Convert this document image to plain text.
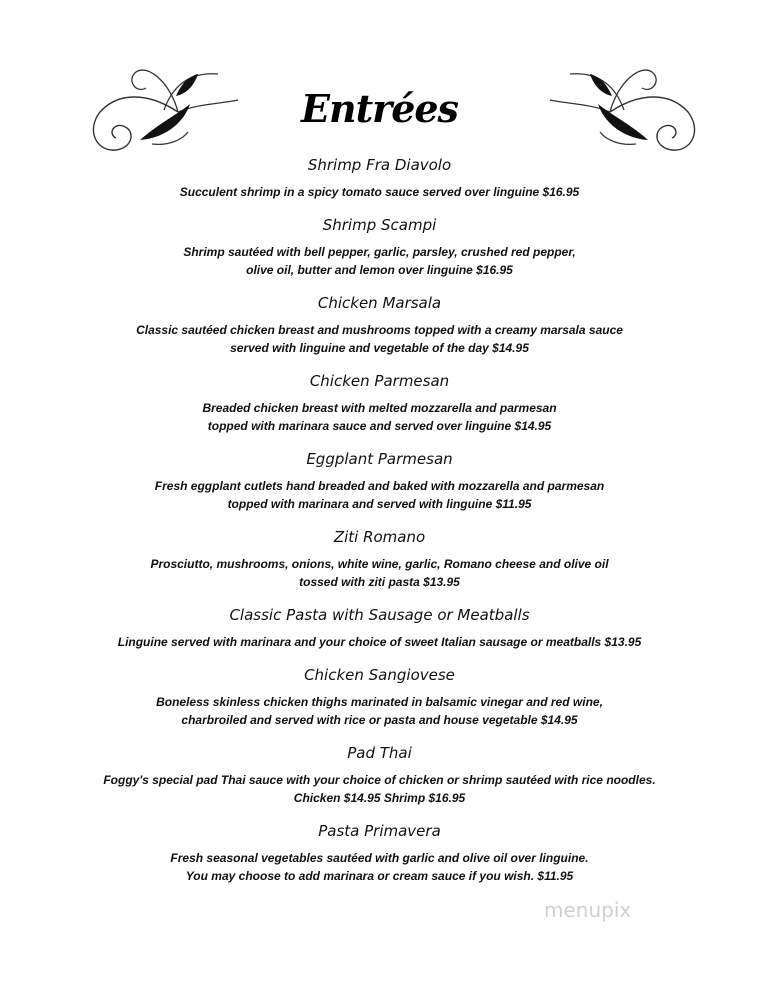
Entrées
Shrimp Fra Diavolo
Succulent shrimp in a spicy tomato sauce served over linguine $16.95
Shrimp Scampi
Shrimp sautéed with bell pepper, garlic, parsley, crushed red pepper,
olive oil, butter and lemon over linguine $16.95
Chicken Marsala
Classic sautéed chicken breast and mushrooms topped with a creamy marsala sauce
served with linguine and vegetable of the day $14.95
Chicken Parmesan
Breaded chicken breast with melted mozzarella and parmesan
topped with marinara sauce and served over linguine $14.95
Eggplant Parmesan
Fresh eggplant cutlets hand breaded and baked with mozzarella and parmesan
topped with marinara and served with linguine $11.95
Ziti Romano
Prosciutto, mushrooms, onions, white wine, garlic, Romano cheese and olive oil
tossed with ziti pasta $13.95
Classic Pasta with Sausage or Meatballs
Linguine served with marinara and your choice of sweet Italian sausage or meatballs $13.95
Chicken Sangiovese
Boneless skinless chicken thighs marinated in balsamic vinegar and red wine,
charbroiled and served with rice or pasta and house vegetable $14.95
Pad Thai
Foggy's special pad Thai sauce with your choice of chicken or shrimp sautéed with rice noodles.
Chicken $14.95 Shrimp $16.95
Pasta Primavera
Fresh seasonal vegetables sautéed with garlic and olive oil over linguine.
You may choose to add marinara or cream sauce if you wish. $11.95
menupix
